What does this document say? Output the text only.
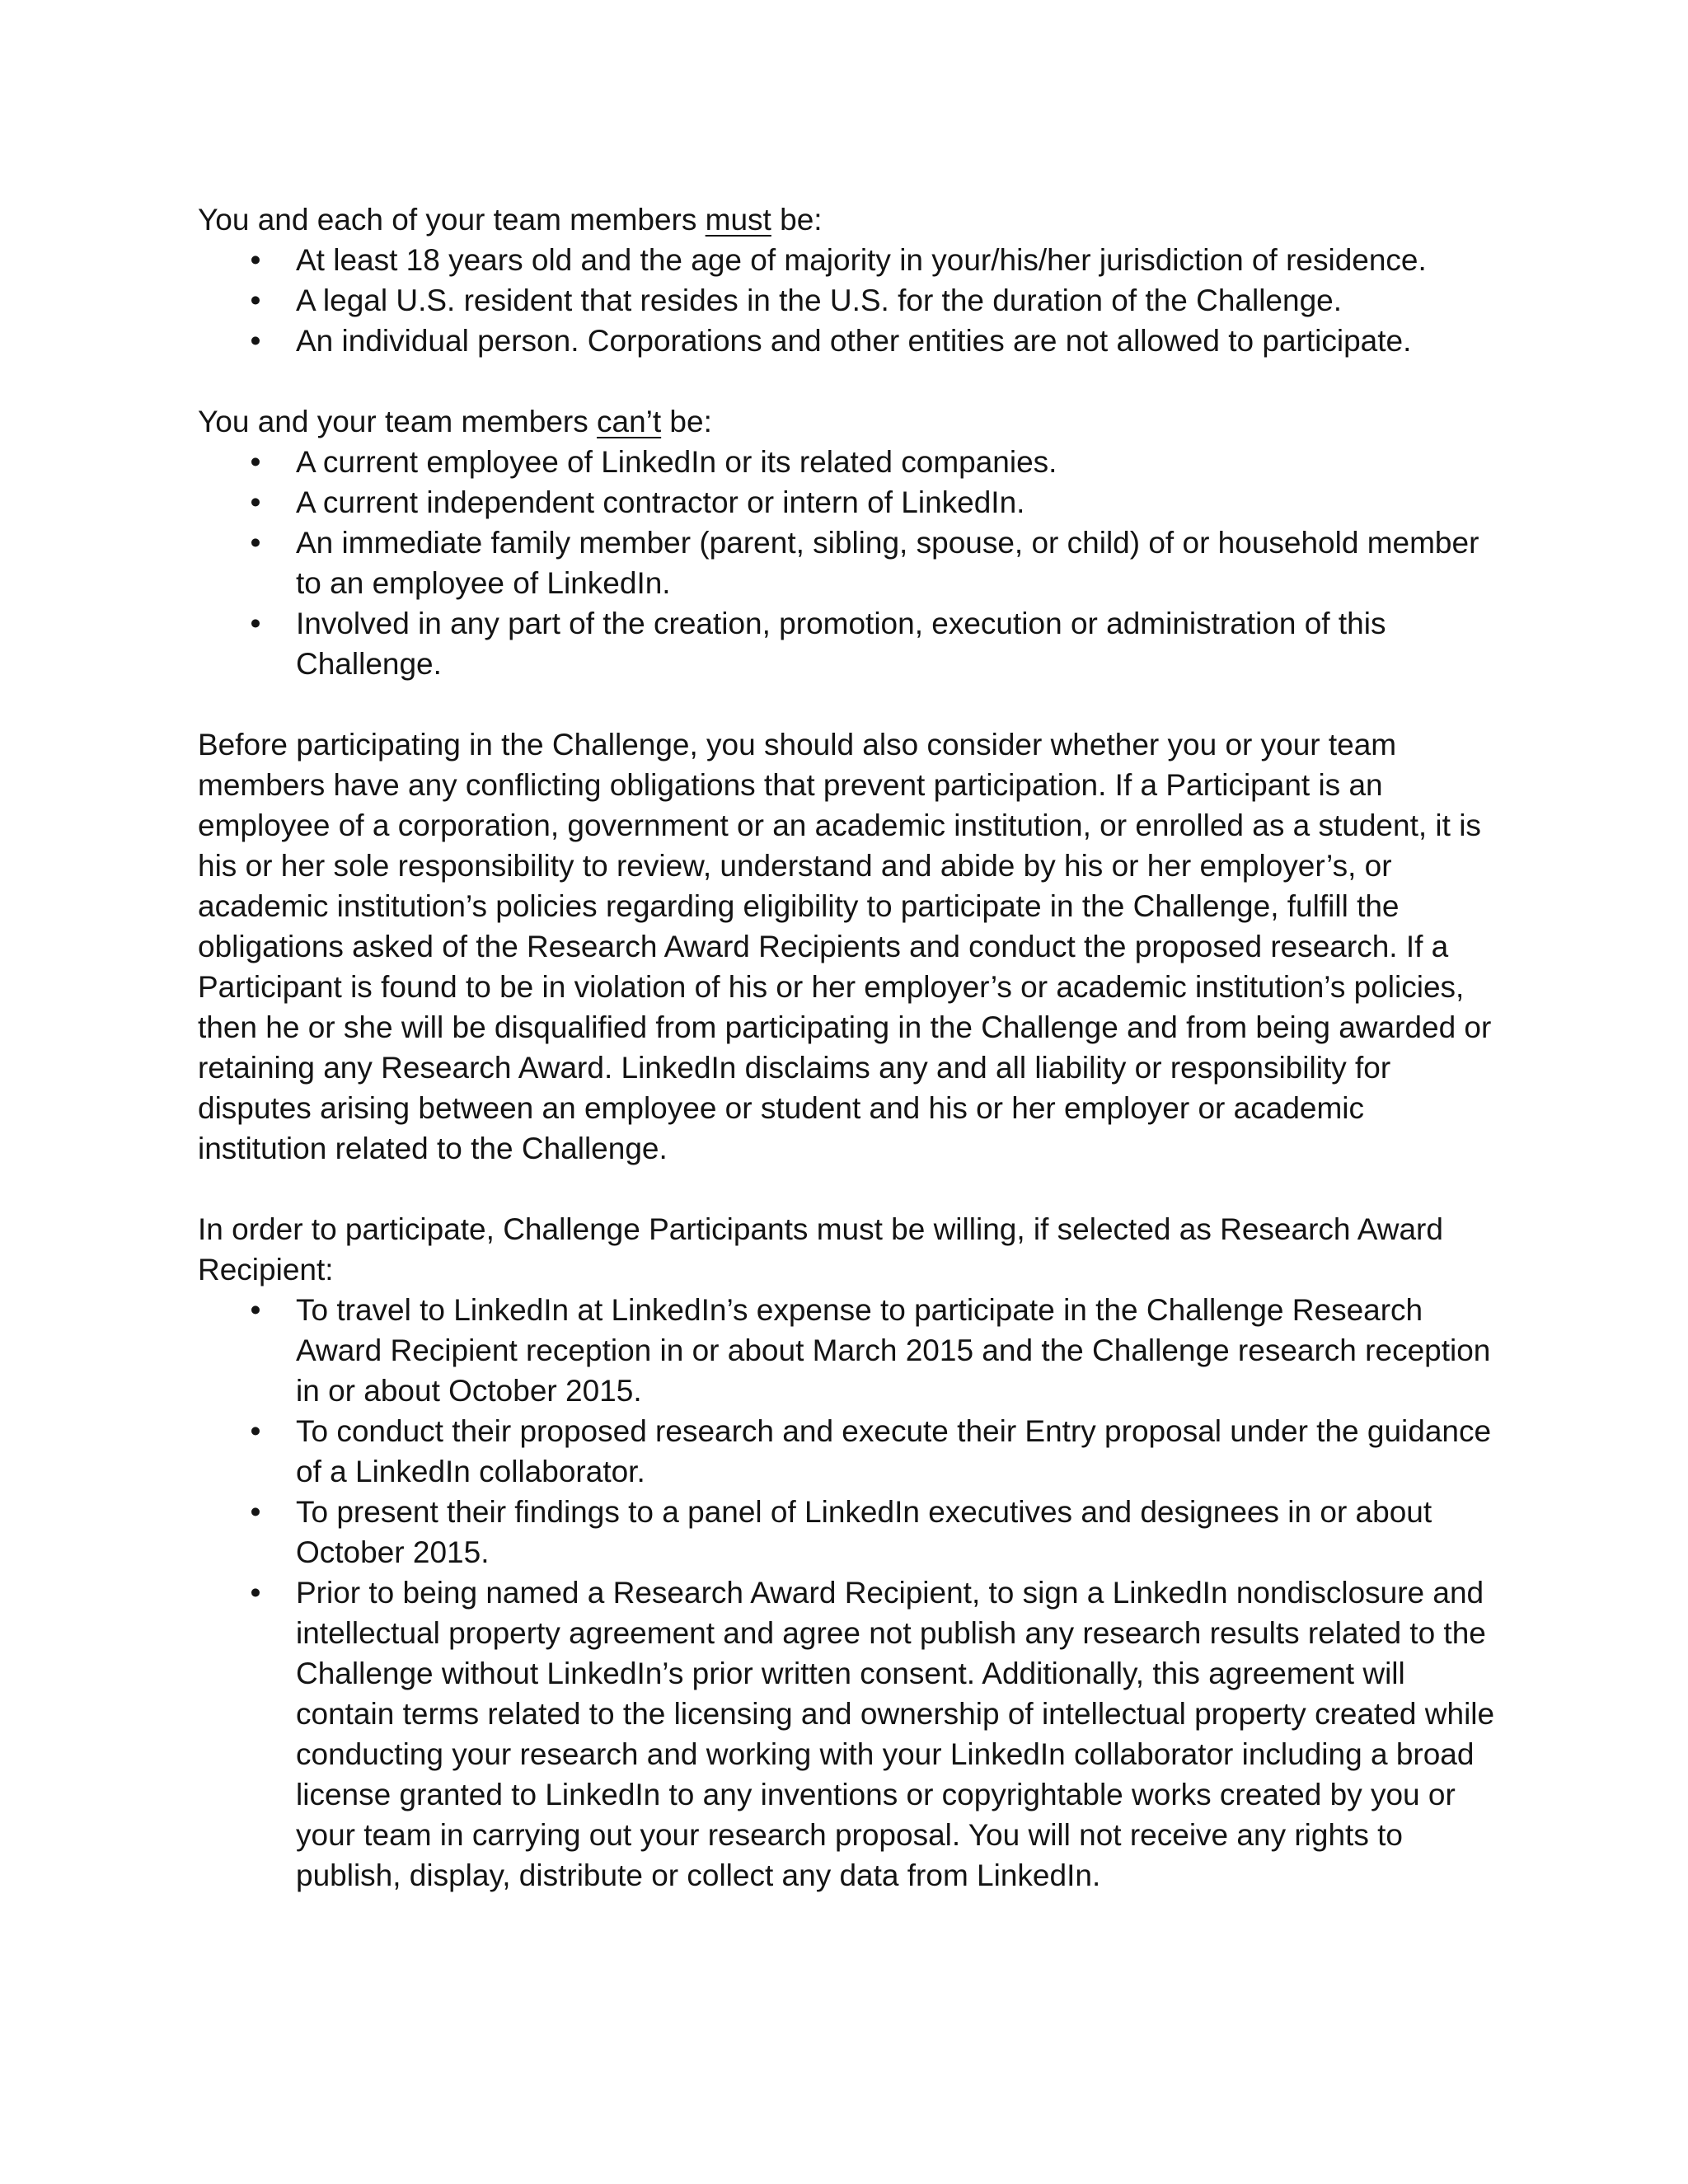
You and each of your team members must be:

• At least 18 years old and the age of majority in your/his/her jurisdiction of residence.
• A legal U.S. resident that resides in the U.S. for the duration of the Challenge.
• An individual person. Corporations and other entities are not allowed to participate.

You and your team members can’t be:

• A current employee of LinkedIn or its related companies.
• A current independent contractor or intern of LinkedIn.
• An immediate family member (parent, sibling, spouse, or child) of or household member to an employee of LinkedIn.
• Involved in any part of the creation, promotion, execution or administration of this Challenge.

Before participating in the Challenge, you should also consider whether you or your team members have any conflicting obligations that prevent participation. If a Participant is an employee of a corporation, government or an academic institution, or enrolled as a student, it is his or her sole responsibility to review, understand and abide by his or her employer’s, or academic institution’s policies regarding eligibility to participate in the Challenge, fulfill the obligations asked of the Research Award Recipients and conduct the proposed research. If a Participant is found to be in violation of his or her employer’s or academic institution’s policies, then he or she will be disqualified from participating in the Challenge and from being awarded or retaining any Research Award. LinkedIn disclaims any and all liability or responsibility for disputes arising between an employee or student and his or her employer or academic institution related to the Challenge.

In order to participate, Challenge Participants must be willing, if selected as Research Award Recipient:

• To travel to LinkedIn at LinkedIn’s expense to participate in the Challenge Research Award Recipient reception in or about March 2015 and the Challenge research reception in or about October 2015.
• To conduct their proposed research and execute their Entry proposal under the guidance of a LinkedIn collaborator.
• To present their findings to a panel of LinkedIn executives and designees in or about October 2015.
• Prior to being named a Research Award Recipient, to sign a LinkedIn nondisclosure and intellectual property agreement and agree not publish any research results related to the Challenge without LinkedIn’s prior written consent. Additionally, this agreement will contain terms related to the licensing and ownership of intellectual property created while conducting your research and working with your LinkedIn collaborator including a broad license granted to LinkedIn to any inventions or copyrightable works created by you or your team in carrying out your research proposal. You will not receive any rights to publish, display, distribute or collect any data from LinkedIn.
